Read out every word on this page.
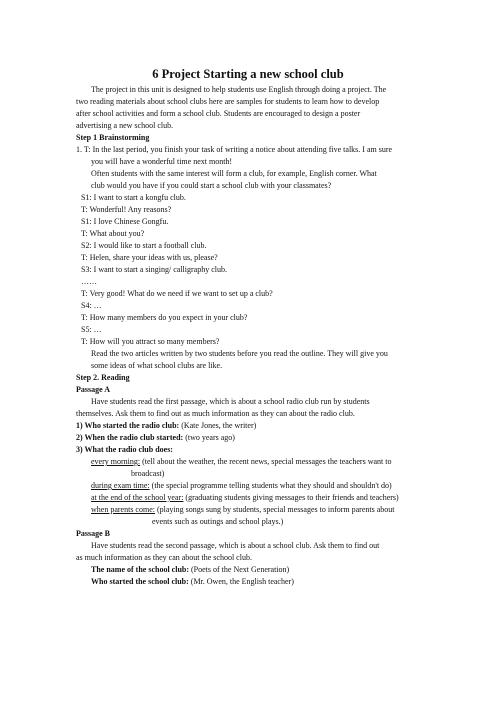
6 Project Starting a new school club
The project in this unit is designed to help students use English through doing a project. The
two reading materials about school clubs here are samples for students to learn how to develop
after school activities and form a school club. Students are encouraged to design a poster
advertising a new school club.
Step 1 Brainstorming
1. T: In the last period, you finish your task of writing a notice about attending five talks. I am sure
you will have a wonderful time next month!
Often students with the same interest will form a club, for example, English corner. What
club would you have if you could start a school club with your classmates?
S1: I want to start a kongfu club.
T: Wonderful! Any reasons?
S1: I love Chinese Gongfu.
T: What about you?
S2: I would like to start a football club.
T: Helen, share your ideas with us, please?
S3: I want to start a singing/ calligraphy club.
……
T: Very good! What do we need if we want to set up a club?
S4: …
T: How many members do you expect in your club?
S5: …
T: How will you attract so many members?
Read the two articles written by two students before you read the outline. They will give you
some ideas of what school clubs are like.
Step 2. Reading
Passage A
Have students read the first passage, which is about a school radio club run by students
themselves. Ask them to find out as much information as they can about the radio club.
1) Who started the radio club: (Kate Jones, the writer)
2) When the radio club started: (two years ago)
3) What the radio club does:
every morning: (tell about the weather, the recent news, special messages the teachers want to
broadcast)
during exam time: (the special programme telling students what they should and shouldn't do)
at the end of the school year: (graduating students giving messages to their friends and teachers)
when parents come: (playing songs sung by students, special messages to inform parents about
events such as outings and school plays.)
Passage B
Have students read the second passage, which is about a school club. Ask them to find out
as much information as they can about the school club.
The name of the school club: (Poets of the Next Generation)
Who started the school club: (Mr. Owen, the English teacher)
